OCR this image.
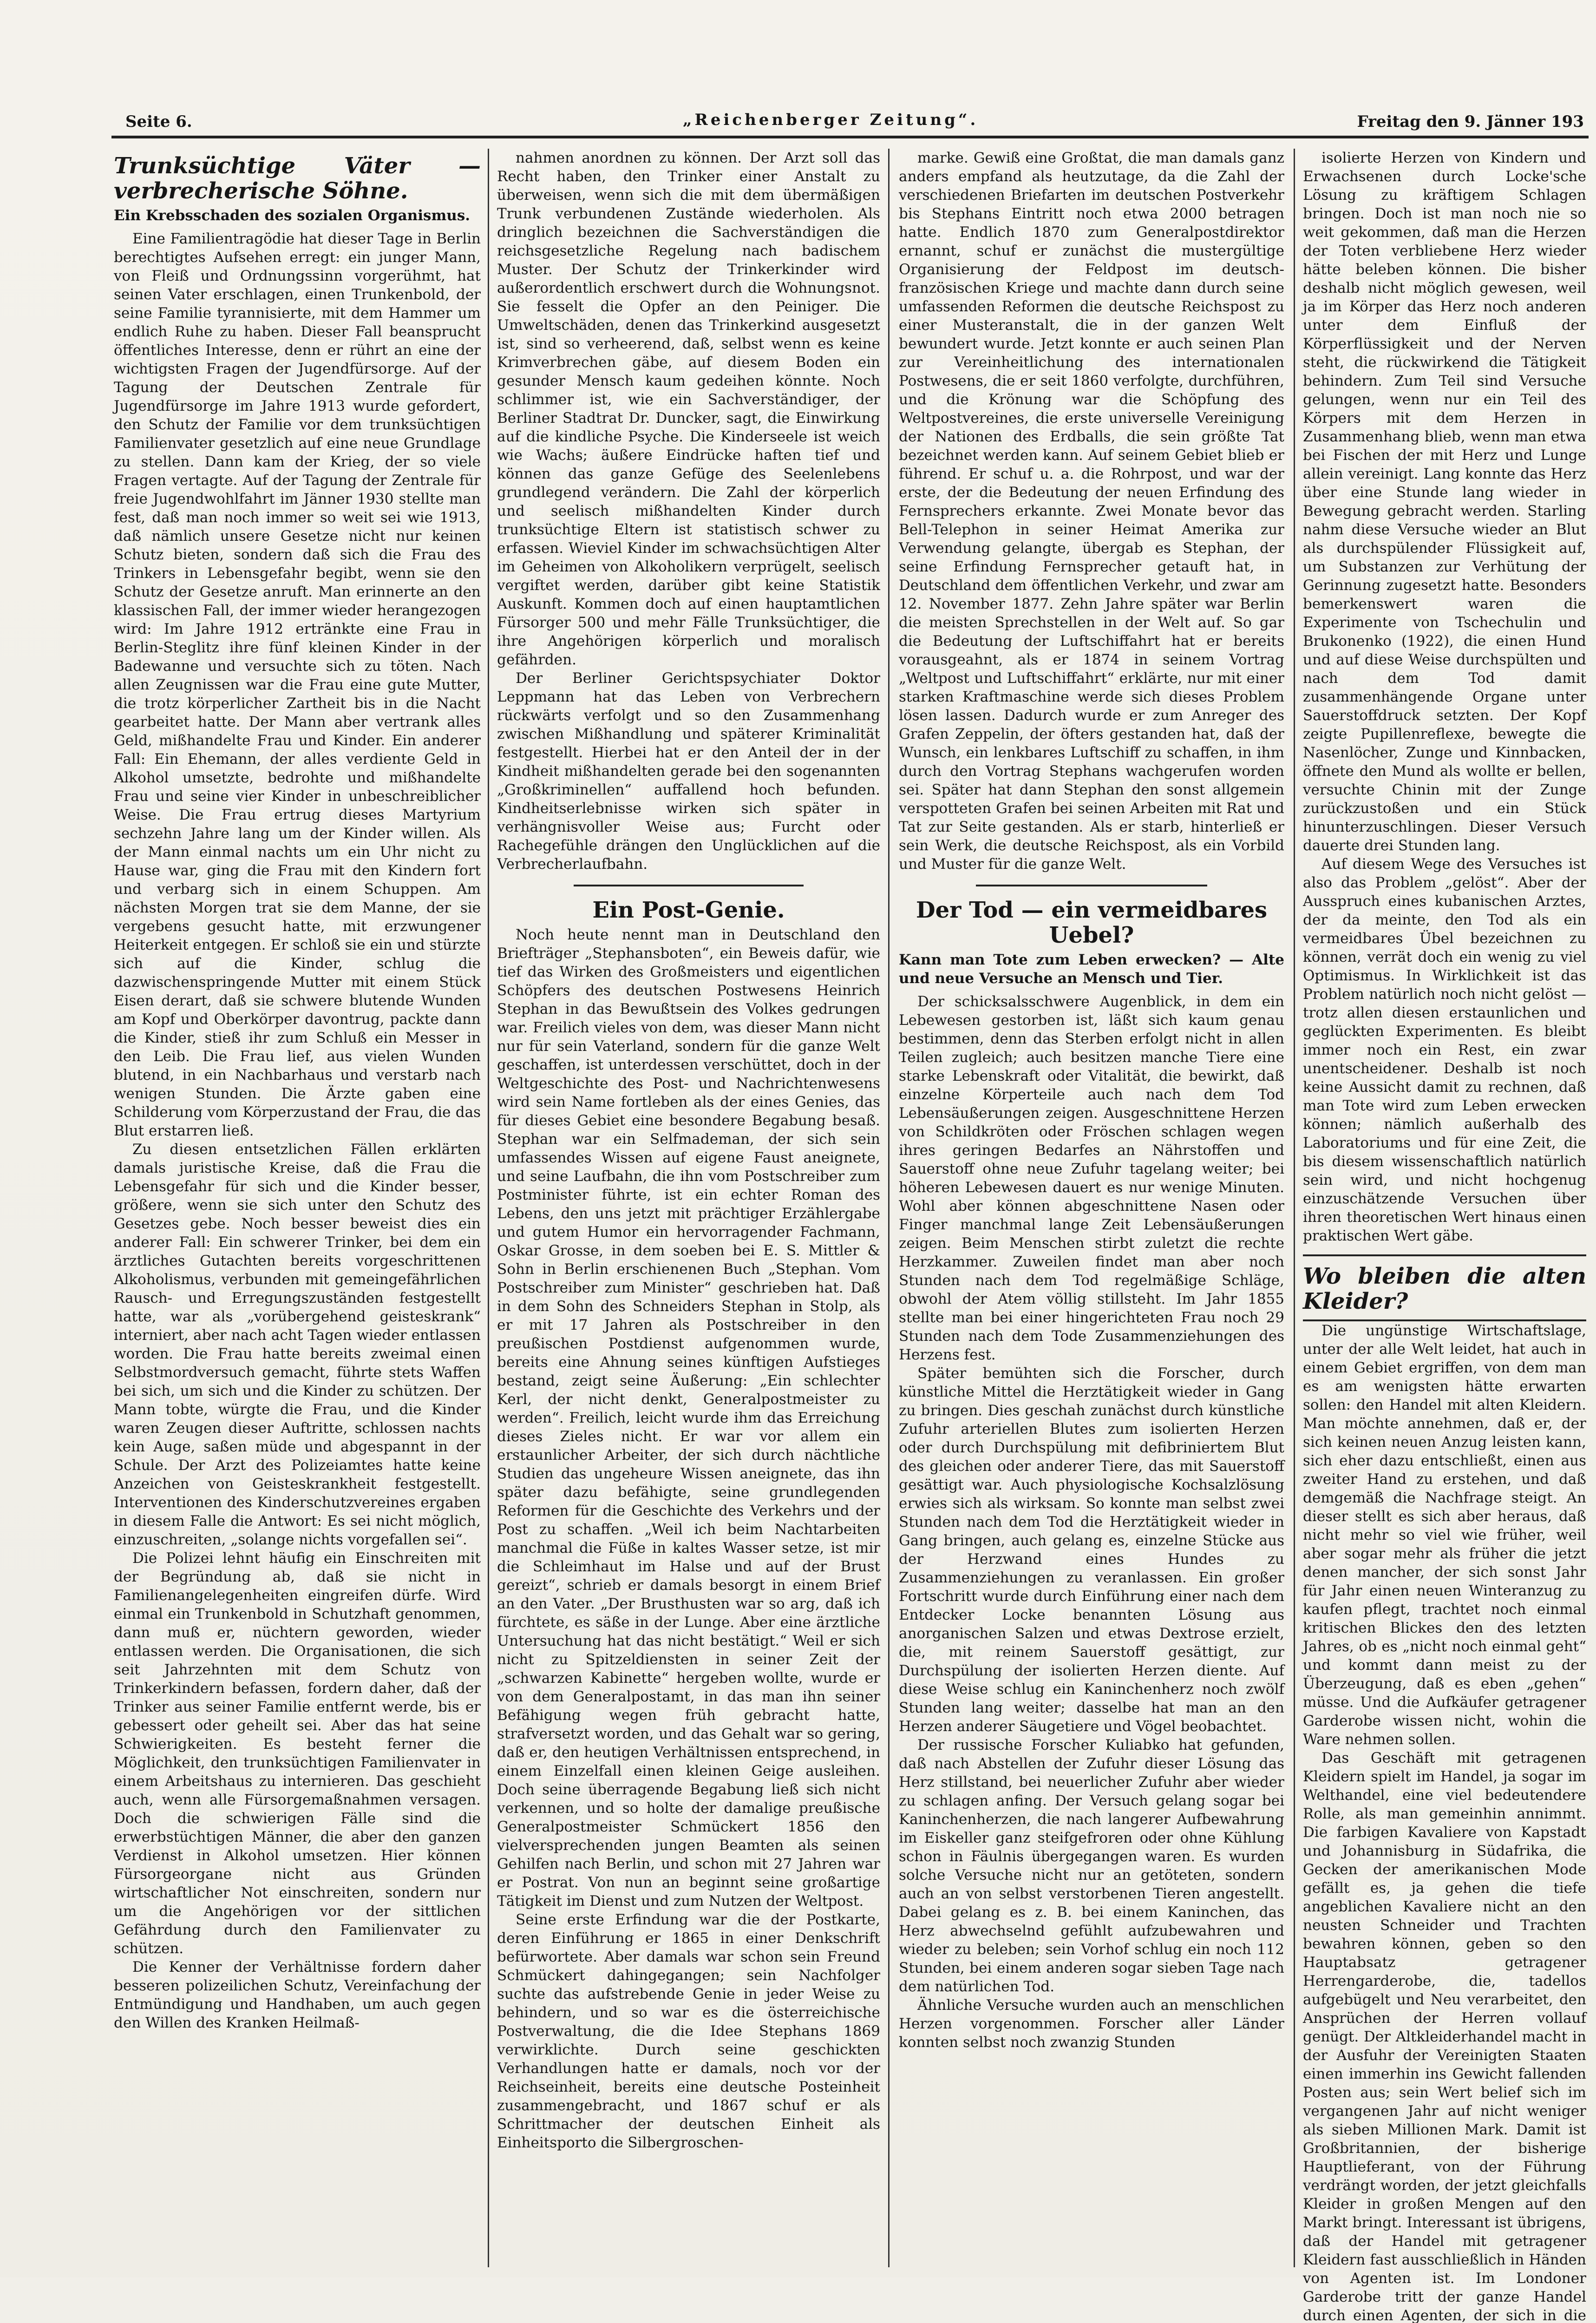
Seite 6.	„Reichenberger Zeitung“.	Freitag den 9. Jänner 193
Trunksüchtige Väter — verbrecherische Söhne.
Ein Krebsschaden des sozialen Organismus.

Eine Familientragödie hat dieser Tage in Berlin berechtigtes Aufsehen erregt: ein junger Mann, von Fleiß und Ordnungssinn vorgerühmt, hat seinen Vater erschlagen, einen Trunkenbold, der seine Familie tyrannisierte, mit dem Hammer um endlich Ruhe zu haben. Dieser Fall beansprucht öffentliches Interesse, denn er rührt an eine der wichtigsten Fragen der Jugendfürsorge. Auf der Tagung der Deutschen Zentrale für Jugendfürsorge im Jahre 1913 wurde gefordert, den Schutz der Familie vor dem trunksüchtigen Familienvater gesetzlich auf eine neue Grundlage zu stellen. Dann kam der Krieg, der so viele Fragen vertagte. Auf der Tagung der Zentrale für freie Jugendwohlfahrt im Jänner 1930 stellte man fest, daß man noch immer so weit sei wie 1913, daß nämlich unsere Gesetze nicht nur keinen Schutz bieten, sondern daß sich die Frau des Trinkers in Lebensgefahr begibt, wenn sie den Schutz der Gesetze anruft. Man erinnerte an den klassischen Fall, der immer wieder herangezogen wird: Im Jahre 1912 ertränkte eine Frau in Berlin-Steglitz ihre fünf kleinen Kinder in der Badewanne und versuchte sich zu töten. Nach allen Zeugnissen war die Frau eine gute Mutter, die trotz körperlicher Zartheit bis in die Nacht gearbeitet hatte. Der Mann aber vertrank alles Geld, mißhandelte Frau und Kinder. Ein anderer Fall: Ein Ehemann, der alles verdiente Geld in Alkohol umsetzte, bedrohte und mißhandelte Frau und seine vier Kinder in unbeschreiblicher Weise. Die Frau ertrug dieses Martyrium sechzehn Jahre lang um der Kinder willen. Als der Mann einmal nachts um ein Uhr nicht zu Hause war, ging die Frau mit den Kindern fort und verbarg sich in einem Schuppen. Am nächsten Morgen trat sie dem Manne, der sie vergebens gesucht hatte, mit erzwungener Heiterkeit entgegen. Er schloß sie ein und stürzte sich auf die Kinder, schlug die dazwischenspringende Mutter mit einem Stück Eisen derart, daß sie schwere blutende Wunden am Kopf und Oberkörper davontrug, packte dann die Kinder, stieß ihr zum Schluß ein Messer in den Leib. Die Frau lief, aus vielen Wunden blutend, in ein Nachbarhaus und verstarb nach wenigen Stunden. Die Ärzte gaben eine Schilderung vom Körperzustand der Frau, die das Blut erstarren ließ.

Zu diesen entsetzlichen Fällen erklärten damals juristische Kreise, daß die Frau die Lebensgefahr für sich und die Kinder besser, größere, wenn sie sich unter den Schutz des Gesetzes gebe. Noch besser beweist dies ein anderer Fall: Ein schwerer Trinker, bei dem ein ärztliches Gutachten bereits vorgeschrittenen Alkoholismus, verbunden mit gemeingefährlichen Rausch- und Erregungszuständen festgestellt hatte, war als „vorübergehend geisteskrank“ interniert, aber nach acht Tagen wieder entlassen worden. Die Frau hatte bereits zweimal einen Selbstmordversuch gemacht, führte stets Waffen bei sich, um sich und die Kinder zu schützen. Der Mann tobte, würgte die Frau, und die Kinder waren Zeugen dieser Auftritte, schlossen nachts kein Auge, saßen müde und abgespannt in der Schule. Der Arzt des Polizeiamtes hatte keine Anzeichen von Geisteskrankheit festgestellt. Interventionen des Kinderschutzvereines ergaben in diesem Falle die Antwort: Es sei nicht möglich, einzuschreiten, „solange nichts vorgefallen sei“.

Die Polizei lehnt häufig ein Einschreiten mit der Begründung ab, daß sie nicht in Familienangelegenheiten eingreifen dürfe. Wird einmal ein Trunkenbold in Schutzhaft genommen, dann muß er, nüchtern geworden, wieder entlassen werden. Die Organisationen, die sich seit Jahrzehnten mit dem Schutz von Trinkerkindern befassen, fordern daher, daß der Trinker aus seiner Familie entfernt werde, bis er gebessert oder geheilt sei. Aber das hat seine Schwierigkeiten. Es besteht ferner die Möglichkeit, den trunksüchtigen Familienvater in einem Arbeitshaus zu internieren. Das geschieht auch, wenn alle Fürsorgemaßnahmen versagen. Doch die schwierigen Fälle sind die erwerbstüchtigen Männer, die aber den ganzen Verdienst in Alkohol umsetzen. Hier können Fürsorgeorgane nicht aus Gründen wirtschaftlicher Not einschreiten, sondern nur um die Angehörigen vor der sittlichen Gefährdung durch den Familienvater zu schützen.

Die Kenner der Verhältnisse fordern daher besseren polizeilichen Schutz, Vereinfachung der Entmündigung und Handhaben, um auch gegen den Willen des Kranken Heilmaß-

nahmen anordnen zu können. Der Arzt soll das Recht haben, den Trinker einer Anstalt zu überweisen, wenn sich die mit dem übermäßigen Trunk verbundenen Zustände wiederholen. Als dringlich bezeichnen die Sachverständigen die reichsgesetzliche Regelung nach badischem Muster. Der Schutz der Trinkerkinder wird außerordentlich erschwert durch die Wohnungsnot. Sie fesselt die Opfer an den Peiniger. Die Umweltschäden, denen das Trinkerkind ausgesetzt ist, sind so verheerend, daß, selbst wenn es keine Krimverbrechen gäbe, auf diesem Boden ein gesunder Mensch kaum gedeihen könnte. Noch schlimmer ist, wie ein Sachverständiger, der Berliner Stadtrat Dr. Duncker, sagt, die Einwirkung auf die kindliche Psyche. Die Kinderseele ist weich wie Wachs; äußere Eindrücke haften tief und können das ganze Gefüge des Seelenlebens grundlegend verändern. Die Zahl der körperlich und seelisch mißhandelten Kinder durch trunksüchtige Eltern ist statistisch schwer zu erfassen. Wieviel Kinder im schwachsüchtigen Alter im Geheimen von Alkoholikern verprügelt, seelisch vergiftet werden, darüber gibt keine Statistik Auskunft. Kommen doch auf einen hauptamtlichen Fürsorger 500 und mehr Fälle Trunksüchtiger, die ihre Angehörigen körperlich und moralisch gefährden.

Der Berliner Gerichtspsychiater Doktor Leppmann hat das Leben von Verbrechern rückwärts verfolgt und so den Zusammenhang zwischen Mißhandlung und späterer Kriminalität festgestellt. Hierbei hat er den Anteil der in der Kindheit mißhandelten gerade bei den sogenannten „Großkriminellen“ auffallend hoch befunden. Kindheitserlebnisse wirken sich später in verhängnisvoller Weise aus; Furcht oder Rachegefühle drängen den Unglücklichen auf die Verbrecherlaufbahn.

Ein Post-Genie.

Noch heute nennt man in Deutschland den Briefträger „Stephansboten“, ein Beweis dafür, wie tief das Wirken des Großmeisters und eigentlichen Schöpfers des deutschen Postwesens Heinrich Stephan in das Bewußtsein des Volkes gedrungen war. Freilich vieles von dem, was dieser Mann nicht nur für sein Vaterland, sondern für die ganze Welt geschaffen, ist unterdessen verschüttet, doch in der Weltgeschichte des Post- und Nachrichtenwesens wird sein Name fortleben als der eines Genies, das für dieses Gebiet eine besondere Begabung besaß. Stephan war ein Selfmademan, der sich sein umfassendes Wissen auf eigene Faust aneignete, und seine Laufbahn, die ihn vom Postschreiber zum Postminister führte, ist ein echter Roman des Lebens, den uns jetzt mit prächtiger Erzählergabe und gutem Humor ein hervorragender Fachmann, Oskar Grosse, in dem soeben bei E. S. Mittler & Sohn in Berlin erschienenen Buch „Stephan. Vom Postschreiber zum Minister“ geschrieben hat. Daß in dem Sohn des Schneiders Stephan in Stolp, als er mit 17 Jahren als Postschreiber in den preußischen Postdienst aufgenommen wurde, bereits eine Ahnung seines künftigen Aufstieges bestand, zeigt seine Äußerung: „Ein schlechter Kerl, der nicht denkt, Generalpostmeister zu werden“. Freilich, leicht wurde ihm das Erreichung dieses Zieles nicht. Er war vor allem ein erstaunlicher Arbeiter, der sich durch nächtliche Studien das ungeheure Wissen aneignete, das ihn später dazu befähigte, seine grundlegenden Reformen für die Geschichte des Verkehrs und der Post zu schaffen. „Weil ich beim Nachtarbeiten manchmal die Füße in kaltes Wasser setze, ist mir die Schleimhaut im Halse und auf der Brust gereizt“, schrieb er damals besorgt in einem Brief an den Vater. „Der Brusthusten war so arg, daß ich fürchtete, es säße in der Lunge. Aber eine ärztliche Untersuchung hat das nicht bestätigt.“ Weil er sich nicht zu Spitzeldiensten in seiner Zeit der „schwarzen Kabinette“ hergeben wollte, wurde er von dem Generalpostamt, in das man ihn seiner Befähigung wegen früh gebracht hatte, strafversetzt worden, und das Gehalt war so gering, daß er, den heutigen Verhältnissen entsprechend, in einem Einzelfall einen kleinen Geige ausleihen. Doch seine überragende Begabung ließ sich nicht verkennen, und so holte der damalige preußische Generalpostmeister Schmückert 1856 den vielversprechenden jungen Beamten als seinen Gehilfen nach Berlin, und schon mit 27 Jahren war er Postrat. Von nun an beginnt seine großartige Tätigkeit im Dienst und zum Nutzen der Weltpost.

Seine erste Erfindung war die der Postkarte, deren Einführung er 1865 in einer Denkschrift befürwortete. Aber damals war schon sein Freund Schmückert dahingegangen; sein Nachfolger suchte das aufstrebende Genie in jeder Weise zu behindern, und so war es die österreichische Postverwaltung, die die Idee Stephans 1869 verwirklichte. Durch seine geschickten Verhandlungen hatte er damals, noch vor der Reichseinheit, bereits eine deutsche Posteinheit zusammengebracht, und 1867 schuf er als Schrittmacher der deutschen Einheit als Einheitsporto die Silbergroschen-

marke. Gewiß eine Großtat, die man damals ganz anders empfand als heutzutage, da die Zahl der verschiedenen Briefarten im deutschen Postverkehr bis Stephans Eintritt noch etwa 2000 betragen hatte. Endlich 1870 zum Generalpostdirektor ernannt, schuf er zunächst die mustergültige Organisierung der Feldpost im deutsch-französischen Kriege und machte dann durch seine umfassenden Reformen die deutsche Reichspost zu einer Musteranstalt, die in der ganzen Welt bewundert wurde. Jetzt konnte er auch seinen Plan zur Vereinheitlichung des internationalen Postwesens, die er seit 1860 verfolgte, durchführen, und die Krönung war die Schöpfung des Weltpostvereines, die erste universelle Vereinigung der Nationen des Erdballs, die sein größte Tat bezeichnet werden kann. Auf seinem Gebiet blieb er führend. Er schuf u. a. die Rohrpost, und war der erste, der die Bedeutung der neuen Erfindung des Fernsprechers erkannte. Zwei Monate bevor das Bell-Telephon in seiner Heimat Amerika zur Verwendung gelangte, übergab es Stephan, der seine Erfindung Fernsprecher getauft hat, in Deutschland dem öffentlichen Verkehr, und zwar am 12. November 1877. Zehn Jahre später war Berlin die meisten Sprechstellen in der Welt auf. So gar die Bedeutung der Luftschiffahrt hat er bereits vorausgeahnt, als er 1874 in seinem Vortrag „Weltpost und Luftschiffahrt“ erklärte, nur mit einer starken Kraftmaschine werde sich dieses Problem lösen lassen. Dadurch wurde er zum Anreger des Grafen Zeppelin, der öfters gestanden hat, daß der Wunsch, ein lenkbares Luftschiff zu schaffen, in ihm durch den Vortrag Stephans wachgerufen worden sei. Später hat dann Stephan den sonst allgemein verspotteten Grafen bei seinen Arbeiten mit Rat und Tat zur Seite gestanden. Als er starb, hinterließ er sein Werk, die deutsche Reichspost, als ein Vorbild und Muster für die ganze Welt.

Der Tod — ein vermeidbares Uebel?
Kann man Tote zum Leben erwecken? — Alte und neue Versuche an Mensch und Tier.

Der schicksalsschwere Augenblick, in dem ein Lebewesen gestorben ist, läßt sich kaum genau bestimmen, denn das Sterben erfolgt nicht in allen Teilen zugleich; auch besitzen manche Tiere eine starke Lebenskraft oder Vitalität, die bewirkt, daß einzelne Körperteile auch nach dem Tod Lebensäußerungen zeigen. Ausgeschnittene Herzen von Schildkröten oder Fröschen schlagen wegen ihres geringen Bedarfes an Nährstoffen und Sauerstoff ohne neue Zufuhr tagelang weiter; bei höheren Lebewesen dauert es nur wenige Minuten. Wohl aber können abgeschnittene Nasen oder Finger manchmal lange Zeit Lebensäußerungen zeigen. Beim Menschen stirbt zuletzt die rechte Herzkammer. Zuweilen findet man aber noch Stunden nach dem Tod regelmäßige Schläge, obwohl der Atem völlig stillsteht. Im Jahr 1855 stellte man bei einer hingerichteten Frau noch 29 Stunden nach dem Tode Zusammenziehungen des Herzens fest.

Später bemühten sich die Forscher, durch künstliche Mittel die Herztätigkeit wieder in Gang zu bringen. Dies geschah zunächst durch künstliche Zufuhr arteriellen Blutes zum isolierten Herzen oder durch Durchspülung mit defibriniertem Blut des gleichen oder anderer Tiere, das mit Sauerstoff gesättigt war. Auch physiologische Kochsalzlösung erwies sich als wirksam. So konnte man selbst zwei Stunden nach dem Tod die Herztätigkeit wieder in Gang bringen, auch gelang es, einzelne Stücke aus der Herzwand eines Hundes zu Zusammenziehungen zu veranlassen. Ein großer Fortschritt wurde durch Einführung einer nach dem Entdecker Locke benannten Lösung aus anorganischen Salzen und etwas Dextrose erzielt, die, mit reinem Sauerstoff gesättigt, zur Durchspülung der isolierten Herzen diente. Auf diese Weise schlug ein Kaninchenherz noch zwölf Stunden lang weiter; dasselbe hat man an den Herzen anderer Säugetiere und Vögel beobachtet.

Der russische Forscher Kuliabko hat gefunden, daß nach Abstellen der Zufuhr dieser Lösung das Herz stillstand, bei neuerlicher Zufuhr aber wieder zu schlagen anfing. Der Versuch gelang sogar bei Kaninchenherzen, die nach langerer Aufbewahrung im Eiskeller ganz steifgefroren oder ohne Kühlung schon in Fäulnis übergegangen waren. Es wurden solche Versuche nicht nur an getöteten, sondern auch an von selbst verstorbenen Tieren angestellt. Dabei gelang es z. B. bei einem Kaninchen, das Herz abwechselnd gefühlt aufzubewahren und wieder zu beleben; sein Vorhof schlug ein noch 112 Stunden, bei einem anderen sogar sieben Tage nach dem natürlichen Tod.

Ähnliche Versuche wurden auch an menschlichen Herzen vorgenommen. Forscher aller Länder konnten selbst noch zwanzig Stunden

isolierte Herzen von Kindern und Erwachsenen durch Locke'sche Lösung zu kräftigem Schlagen bringen. Doch ist man noch nie so weit gekommen, daß man die Herzen der Toten verbliebene Herz wieder hätte beleben können. Die bisher deshalb nicht möglich gewesen, weil ja im Körper das Herz noch anderen unter dem Einfluß der Körperflüssigkeit und der Nerven steht, die rückwirkend die Tätigkeit behindern. Zum Teil sind Versuche gelungen, wenn nur ein Teil des Körpers mit dem Herzen in Zusammenhang blieb, wenn man etwa bei Fischen der mit Herz und Lunge allein vereinigt. Lang konnte das Herz über eine Stunde lang wieder in Bewegung gebracht werden. Starling nahm diese Versuche wieder an Blut als durchspülender Flüssigkeit auf, um Substanzen zur Verhütung der Gerinnung zugesetzt hatte. Besonders bemerkenswert waren die Experimente von Tschechulin und Brukonenko (1922), die einen Hund und auf diese Weise durchspülten und nach dem Tod damit zusammenhängende Organe unter Sauerstoffdruck setzten. Der Kopf zeigte Pupillenreflexe, bewegte die Nasenlöcher, Zunge und Kinnbacken, öffnete den Mund als wollte er bellen, versuchte Chinin mit der Zunge zurückzustoßen und ein Stück hinunterzuschlingen. Dieser Versuch dauerte drei Stunden lang.

Auf diesem Wege des Versuches ist also das Problem „gelöst“. Aber der Ausspruch eines kubanischen Arztes, der da meinte, den Tod als ein vermeidbares Übel bezeichnen zu können, verrät doch ein wenig zu viel Optimismus. In Wirklichkeit ist das Problem natürlich noch nicht gelöst — trotz allen diesen erstaunlichen und geglückten Experimenten. Es bleibt immer noch ein Rest, ein zwar unentscheidener. Deshalb ist noch keine Aussicht damit zu rechnen, daß man Tote wird zum Leben erwecken können; nämlich außerhalb des Laboratoriums und für eine Zeit, die bis diesem wissenschaftlich natürlich sein wird, und nicht hochgenug einzuschätzende Versuchen über ihren theoretischen Wert hinaus einen praktischen Wert gäbe.

Wo bleiben die alten Kleider?

Die ungünstige Wirtschaftslage, unter der alle Welt leidet, hat auch in einem Gebiet ergriffen, von dem man es am wenigsten hätte erwarten sollen: den Handel mit alten Kleidern. Man möchte annehmen, daß er, der sich keinen neuen Anzug leisten kann, sich eher dazu entschließt, einen aus zweiter Hand zu erstehen, und daß demgemäß die Nachfrage steigt. An dieser stellt es sich aber heraus, daß nicht mehr so viel wie früher, weil aber sogar mehr als früher die jetzt denen mancher, der sich sonst Jahr für Jahr einen neuen Winteranzug zu kaufen pflegt, trachtet noch einmal kritischen Blickes den des letzten Jahres, ob es „nicht noch einmal geht“ und kommt dann meist zu der Überzeugung, daß es eben „gehen“ müsse. Und die Aufkäufer getragener Garderobe wissen nicht, wohin die Ware nehmen sollen.

Das Geschäft mit getragenen Kleidern spielt im Handel, ja sogar im Welthandel, eine viel bedeutendere Rolle, als man gemeinhin annimmt. Die farbigen Kavaliere von Kapstadt und Johannisburg in Südafrika, die Gecken der amerikanischen Mode gefällt es, ja gehen die tiefe angeblichen Kavaliere nicht an den neusten Schneider und Trachten bewahren können, geben so den Hauptabsatz getragener Herrengarderobe, die, tadellos aufgebügelt und Neu verarbeitet, den Ansprüchen der Herren vollauf genügt. Der Altkleiderhandel macht in der Ausfuhr der Vereinigten Staaten einen immerhin ins Gewicht fallenden Posten aus; sein Wert belief sich im vergangenen Jahr auf nicht weniger als sieben Millionen Mark. Damit ist Großbritannien, der bisherige Hauptlieferant, von der Führung verdrängt worden, der jetzt gleichfalls Kleider in großen Mengen auf den Markt bringt. Interessant ist übrigens, daß der Handel mit getragener Kleidern fast ausschließlich in Händen von Agenten ist. Im Londoner Garderobe tritt der ganze Handel durch einen Agenten, der sich in die
